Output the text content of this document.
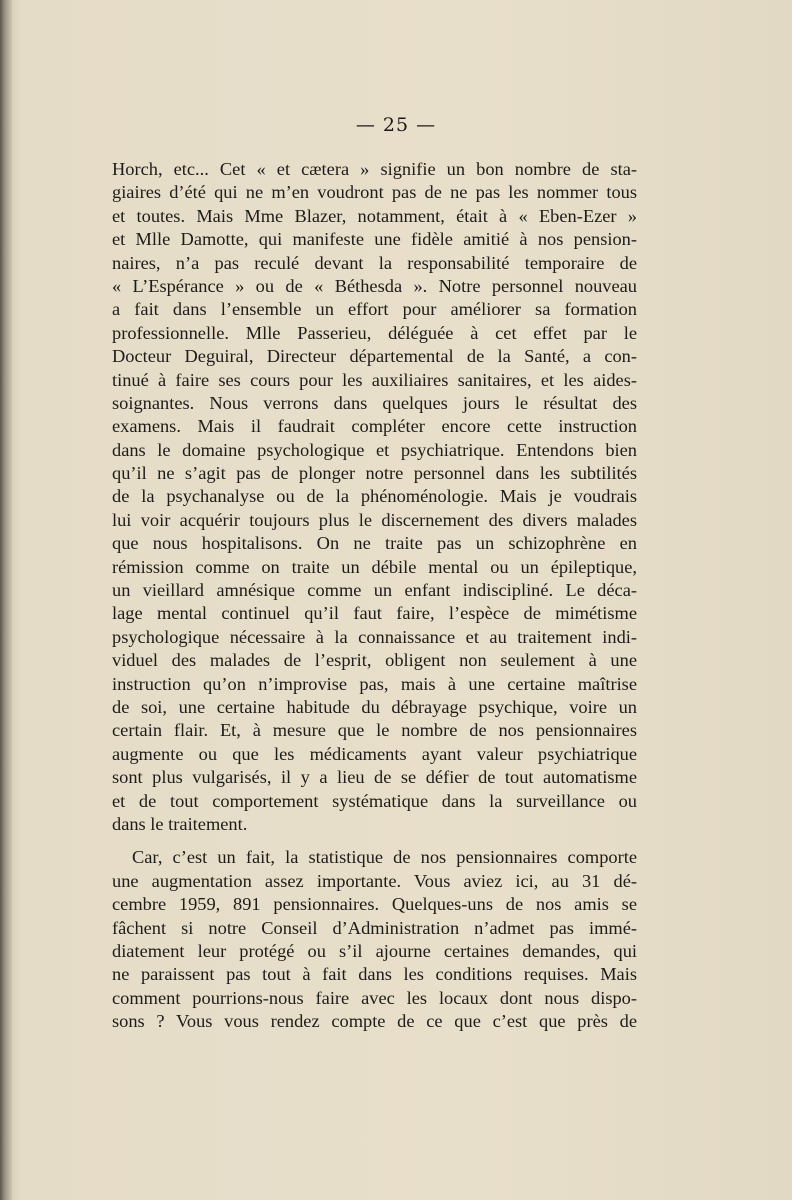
— 25 —

Horch, etc... Cet « et cætera » signifie un bon nombre de sta-
giaires d’été qui ne m’en voudront pas de ne pas les nommer tous
et toutes. Mais Mme Blazer, notamment, était à « Eben-Ezer »
et Mlle Damotte, qui manifeste une fidèle amitié à nos pension-
naires, n’a pas reculé devant la responsabilité temporaire de
« L’Espérance » ou de « Béthesda ». Notre personnel nouveau
a fait dans l’ensemble un effort pour améliorer sa formation
professionnelle. Mlle Passerieu, déléguée à cet effet par le
Docteur Deguiral, Directeur départemental de la Santé, a con-
tinué à faire ses cours pour les auxiliaires sanitaires, et les aides-
soignantes. Nous verrons dans quelques jours le résultat des
examens. Mais il faudrait compléter encore cette instruction
dans le domaine psychologique et psychiatrique. Entendons bien
qu’il ne s’agit pas de plonger notre personnel dans les subtilités
de la psychanalyse ou de la phénoménologie. Mais je voudrais
lui voir acquérir toujours plus le discernement des divers malades
que nous hospitalisons. On ne traite pas un schizophrène en
rémission comme on traite un débile mental ou un épileptique,
un vieillard amnésique comme un enfant indiscipliné. Le déca-
lage mental continuel qu’il faut faire, l’espèce de mimétisme
psychologique nécessaire à la connaissance et au traitement indi-
viduel des malades de l’esprit, obligent non seulement à une
instruction qu’on n’improvise pas, mais à une certaine maîtrise
de soi, une certaine habitude du débrayage psychique, voire un
certain flair. Et, à mesure que le nombre de nos pensionnaires
augmente ou que les médicaments ayant valeur psychiatrique
sont plus vulgarisés, il y a lieu de se défier de tout automatisme
et de tout comportement systématique dans la surveillance ou
dans le traitement.

Car, c’est un fait, la statistique de nos pensionnaires comporte
une augmentation assez importante. Vous aviez ici, au 31 dé-
cembre 1959, 891 pensionnaires. Quelques-uns de nos amis se
fâchent si notre Conseil d’Administration n’admet pas immé-
diatement leur protégé ou s’il ajourne certaines demandes, qui
ne paraissent pas tout à fait dans les conditions requises. Mais
comment pourrions-nous faire avec les locaux dont nous dispo-
sons ? Vous vous rendez compte de ce que c’est que près de
